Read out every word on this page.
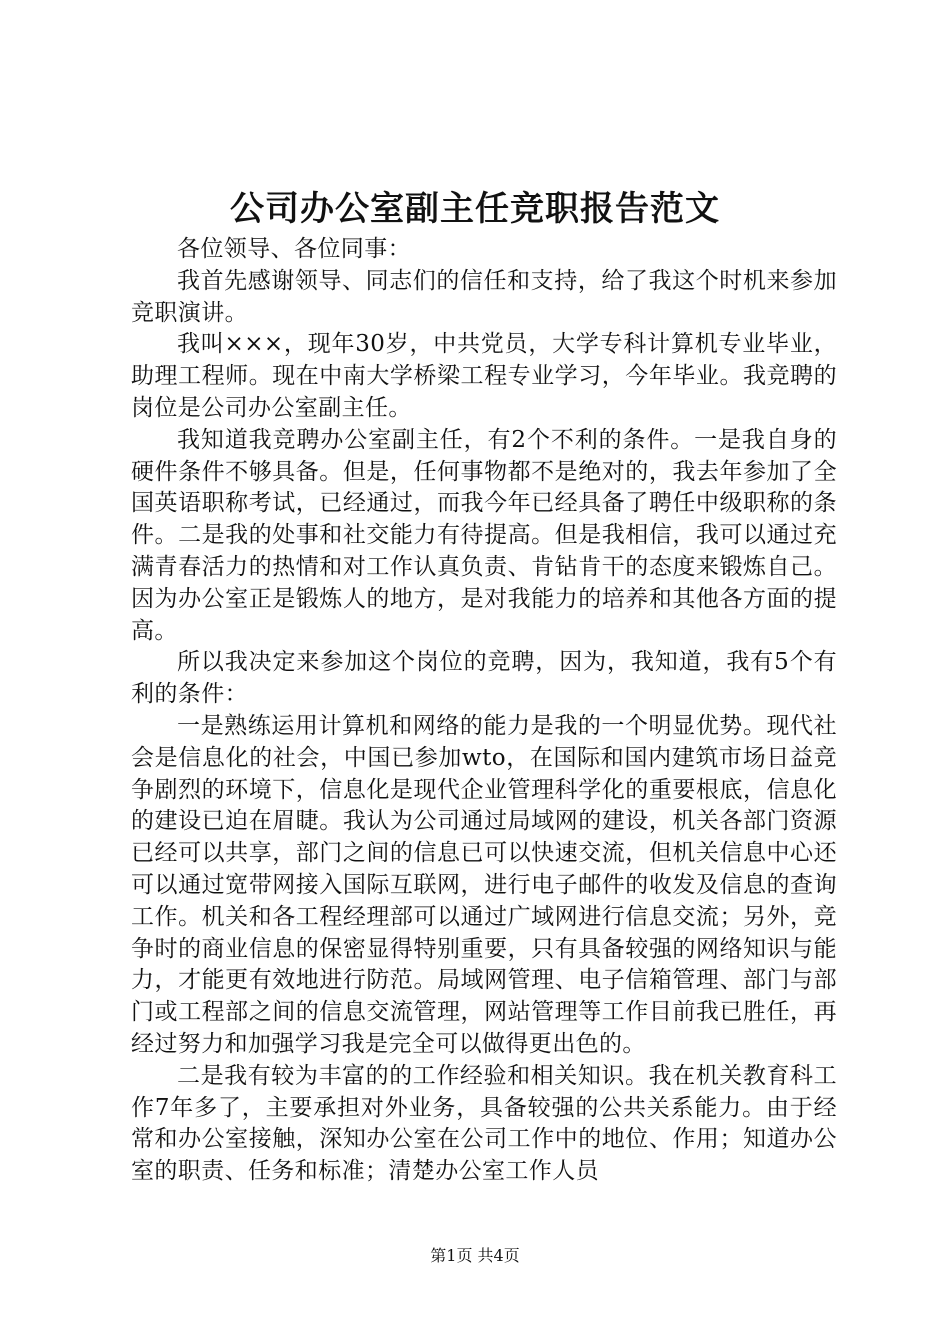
公司办公室副主任竞职报告范文

各位领导、各位同事：

我首先感谢领导、同志们的信任和支持，给了我这个时机来参加竞职演讲。

我叫×××，现年30岁，中共党员，大学专科计算机专业毕业，助理工程师。现在中南大学桥梁工程专业学习，今年毕业。我竞聘的岗位是公司办公室副主任。

我知道我竞聘办公室副主任，有2个不利的条件。一是我自身的硬件条件不够具备。但是，任何事物都不是绝对的，我去年参加了全国英语职称考试，已经通过，而我今年已经具备了聘任中级职称的条件。二是我的处事和社交能力有待提高。但是我相信，我可以通过充满青春活力的热情和对工作认真负责、肯钻肯干的态度来锻炼自己。因为办公室正是锻炼人的地方，是对我能力的培养和其他各方面的提高。

所以我决定来参加这个岗位的竞聘，因为，我知道，我有5个有利的条件：

一是熟练运用计算机和网络的能力是我的一个明显优势。现代社会是信息化的社会，中国已参加wto，在国际和国内建筑市场日益竞争剧烈的环境下，信息化是现代企业管理科学化的重要根底，信息化的建设已迫在眉睫。我认为公司通过局域网的建设，机关各部门资源已经可以共享，部门之间的信息已可以快速交流，但机关信息中心还可以通过宽带网接入国际互联网，进行电子邮件的收发及信息的查询工作。机关和各工程经理部可以通过广域网进行信息交流；另外，竞争时的商业信息的保密显得特别重要，只有具备较强的网络知识与能力，才能更有效地进行防范。局域网管理、电子信箱管理、部门与部门或工程部之间的信息交流管理，网站管理等工作目前我已胜任，再经过努力和加强学习我是完全可以做得更出色的。

二是我有较为丰富的的工作经验和相关知识。我在机关教育科工作7年多了，主要承担对外业务，具备较强的公共关系能力。由于经常和办公室接触，深知办公室在公司工作中的地位、作用；知道办公室的职责、任务和标准；清楚办公室工作人员

第1页 共4页
